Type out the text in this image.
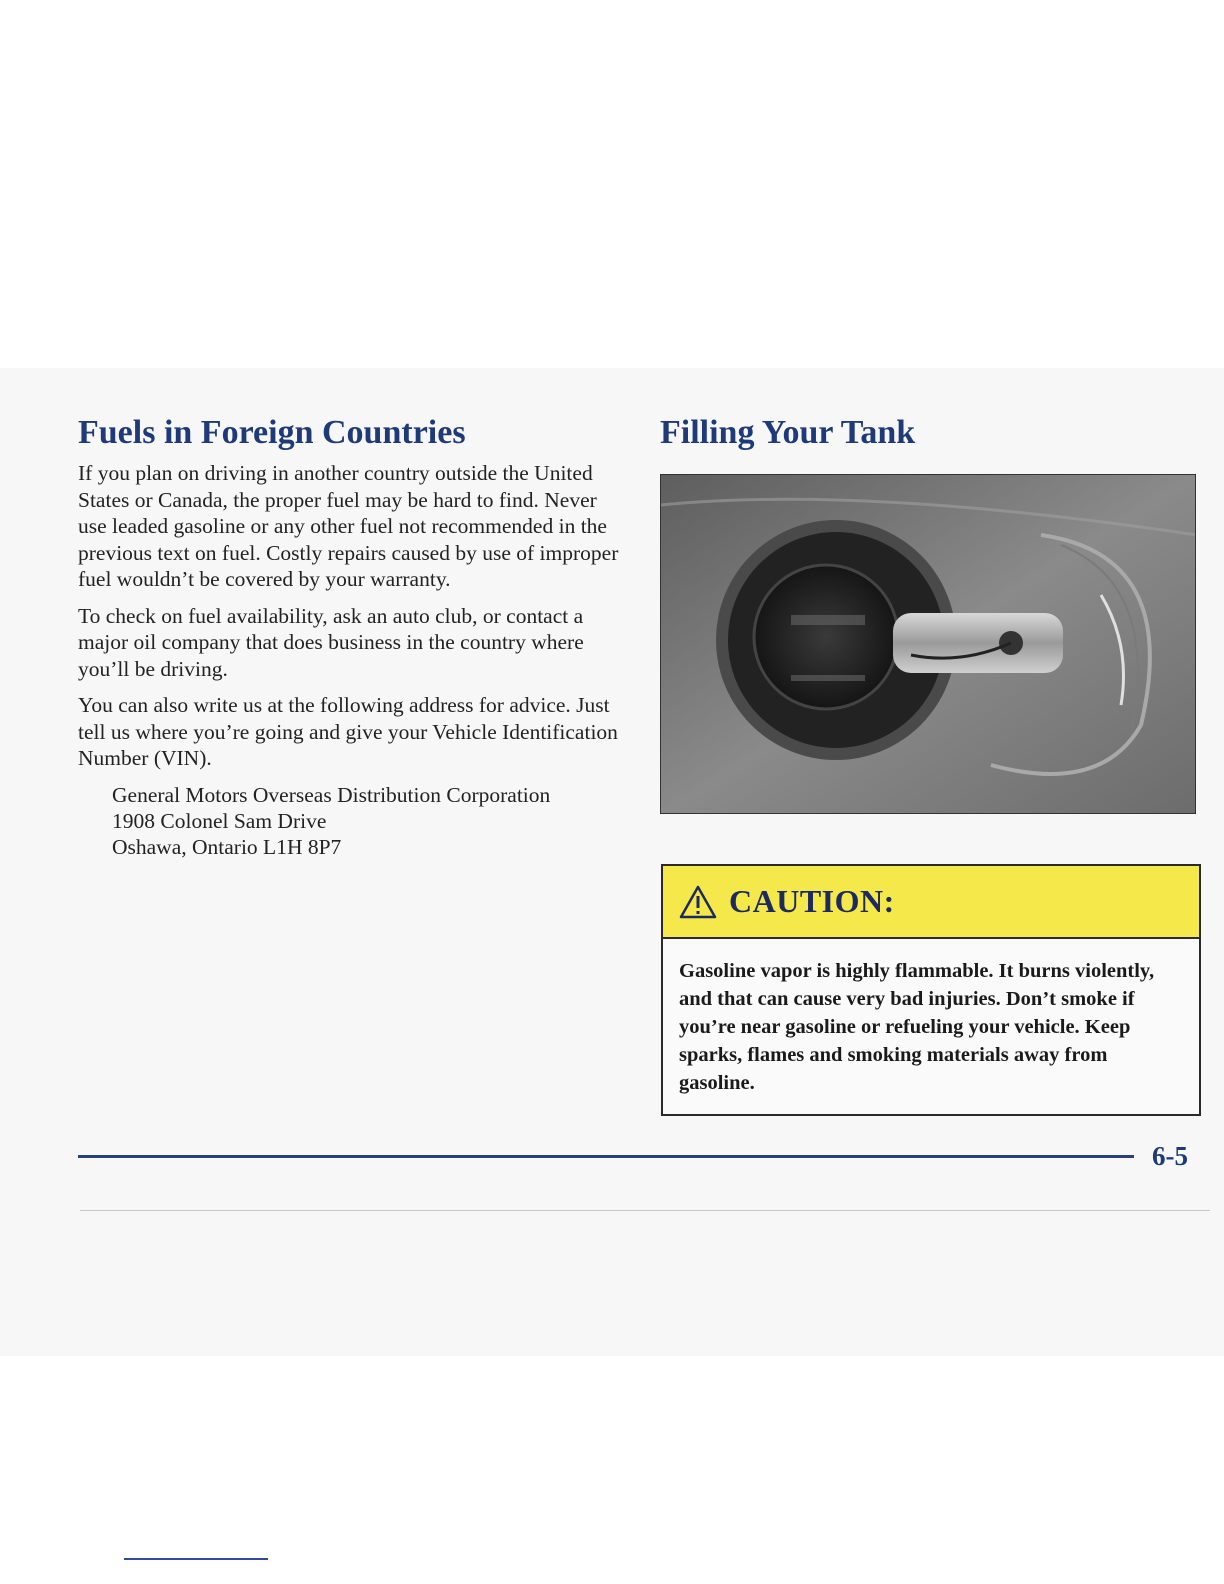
Fuels in Foreign Countries

If you plan on driving in another country outside the United States or Canada, the proper fuel may be hard to find. Never use leaded gasoline or any other fuel not recommended in the previous text on fuel. Costly repairs caused by use of improper fuel wouldn’t be covered by your warranty.

To check on fuel availability, ask an auto club, or contact a major oil company that does business in the country where you’ll be driving.

You can also write us at the following address for advice. Just tell us where you’re going and give your Vehicle Identification Number (VIN).

General Motors Overseas Distribution Corporation
1908 Colonel Sam Drive
Oshawa, Ontario L1H 8P7
Filling Your Tank
CAUTION:

Gasoline vapor is highly flammable. It burns violently, and that can cause very bad injuries. Don’t smoke if you’re near gasoline or refueling your vehicle. Keep sparks, flames and smoking materials away from gasoline.

6-5
